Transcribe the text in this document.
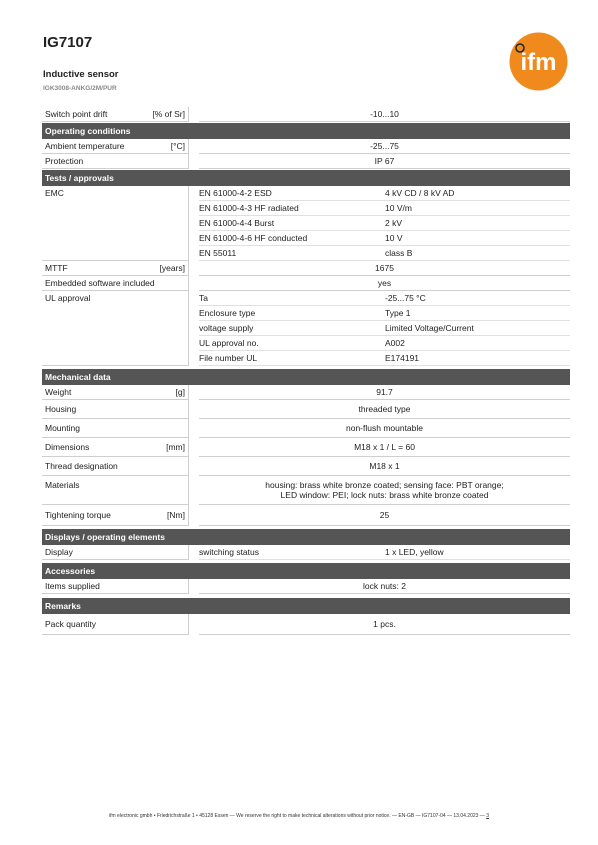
IG7107
Inductive sensor
IGK3008-ANKG/2M/PUR
ifm
Switch point drift	[% of Sr]	-10...10
Operating conditions
Ambient temperature	[°C]	-25...75
Protection	IP 67
Tests / approvals
EMC	EN 61000-4-2 ESD	4 kV CD / 8 kV AD
EN 61000-4-3 HF radiated	10 V/m
EN 61000-4-4 Burst	2 kV
EN 61000-4-6 HF conducted	10 V
EN 55011	class B
MTTF	[years]	1675
Embedded software included	yes
UL approval	Ta	-25...75 °C
Enclosure type	Type 1
voltage supply	Limited Voltage/Current
UL approval no.	A002
File number UL	E174191
Mechanical data
Weight	[g]	91.7
Housing	threaded type
Mounting	non-flush mountable
Dimensions	[mm]	M18 x 1 / L = 60
Thread designation	M18 x 1
Materials	housing: brass white bronze coated; sensing face: PBT orange;
LED window: PEI; lock nuts: brass white bronze coated
Tightening torque	[Nm]	25
Displays / operating elements
Display	switching status	1 x LED, yellow
Accessories
Items supplied	lock nuts: 2
Remarks
Pack quantity	1 pcs.
ifm electronic gmbh • Friedrichstraße 1 • 45128 Essen — We reserve the right to make technical alterations without prior notice. — EN-GB — IG7107-04 — 13.04.2023 — 3
